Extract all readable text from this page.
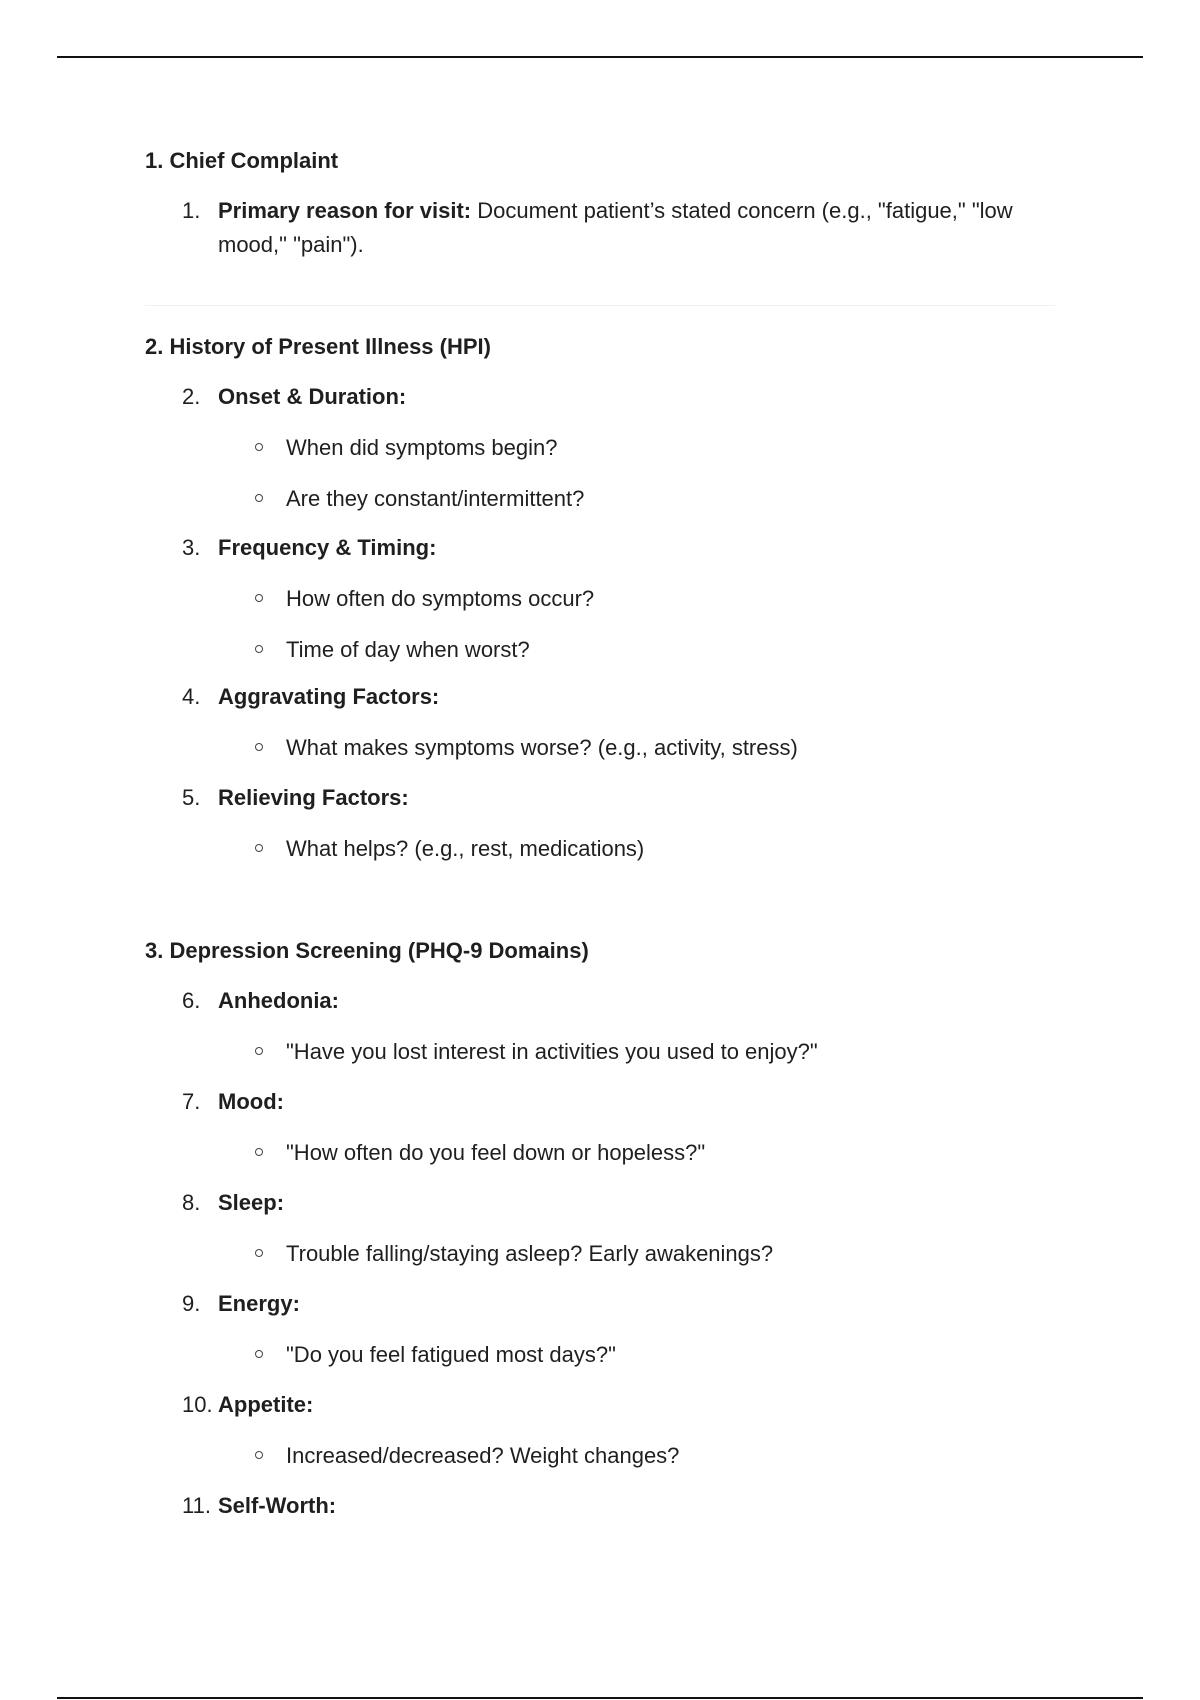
1. Chief Complaint
1. Primary reason for visit: Document patient’s stated concern (e.g., "fatigue," "low mood," "pain").
2. History of Present Illness (HPI)
2. Onset & Duration:
When did symptoms begin?
Are they constant/intermittent?
3. Frequency & Timing:
How often do symptoms occur?
Time of day when worst?
4. Aggravating Factors:
What makes symptoms worse? (e.g., activity, stress)
5. Relieving Factors:
What helps? (e.g., rest, medications)
3. Depression Screening (PHQ-9 Domains)
6. Anhedonia:
"Have you lost interest in activities you used to enjoy?"
7. Mood:
"How often do you feel down or hopeless?"
8. Sleep:
Trouble falling/staying asleep? Early awakenings?
9. Energy:
"Do you feel fatigued most days?"
10. Appetite:
Increased/decreased? Weight changes?
11. Self-Worth:
